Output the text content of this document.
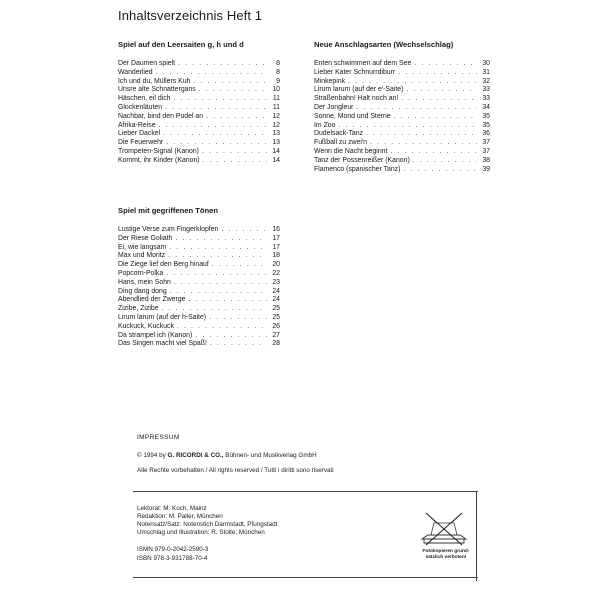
Inhaltsverzeichnis Heft 1
Spiel auf den Leersaiten g, h und d
Der Daumen spielt . . .	8
Wanderlied . . .	8
Ich und du, Müllers Kuh . . .	9
Unsre alte Schnattergans . . .	10
Häschen, eil dich . . .	11
Glockenläuten . . .	11
Nachbar, bind den Pudel an . . .	12
Afrika-Reise . . .	12
Lieber Dackel . . .	13
Die Feuerwehr . . .	13
Trompeten-Signal (Kanon) . . .	14
Kommt, ihr Kinder (Kanon) . . .	14
Neue Anschlagsarten (Wechselschlag)
Enten schwimmen auf dem See . . .	30
Lieber Kater Schnurrdiburr . . .	31
Minkepink . . .	32
Lirum larum (auf der e'-Saite) . . .	33
Straßenbahn! Halt noch an! . . .	33
Der Jongleur . . .	34
Sonne, Mond und Sterne . . .	35
Im Zoo . . .	35
Dudelsack-Tanz . . .	36
Fußball zu zwei'n . . .	37
Wenn die Nacht beginnt . . .	37
Tanz der Possenreißer (Kanon) . . .	38
Flamenco (spanischer Tanz) . . .	39
Spiel mit gegriffenen Tönen
Lustige Verse zum Fingerklopfen . . .	16
Der Riese Goliath . . .	17
Ei, wie langsam . . .	17
Max und Moritz . . .	18
Die Ziege lief den Berg hinauf . . .	20
Popcorn-Polka . . .	22
Hans, mein Sohn . . .	23
Ding dang dong . . .	24
Abendlied der Zwerge . . .	24
Zizibe, Zizibe . . .	25
Lirum larum (auf der h-Saite) . . .	25
Kuckuck, Kuckuck . . .	26
Da strampel ich (Kanon) . . .	27
Das Singen macht viel Spaß! . . .	28
IMPRESSUM
© 1994 by G. RICORDI & CO., Bühnen- und Musikverlag GmbH
Alle Rechte vorbehalten / All rights reserved / Tutti i diritti sono riservati
Lektorat: M. Koch, Mainz
Redaktion: M. Paller, München
Notensatz/Satz: Notenstich Darmstadt, Pfungstadt
Umschlag und Illustration: R. Stolte, München
ISMN 979-0-2042-2590-3
ISBN 978-3-931788-70-4
Fotokopieren grund-
sätzlich verboten!
